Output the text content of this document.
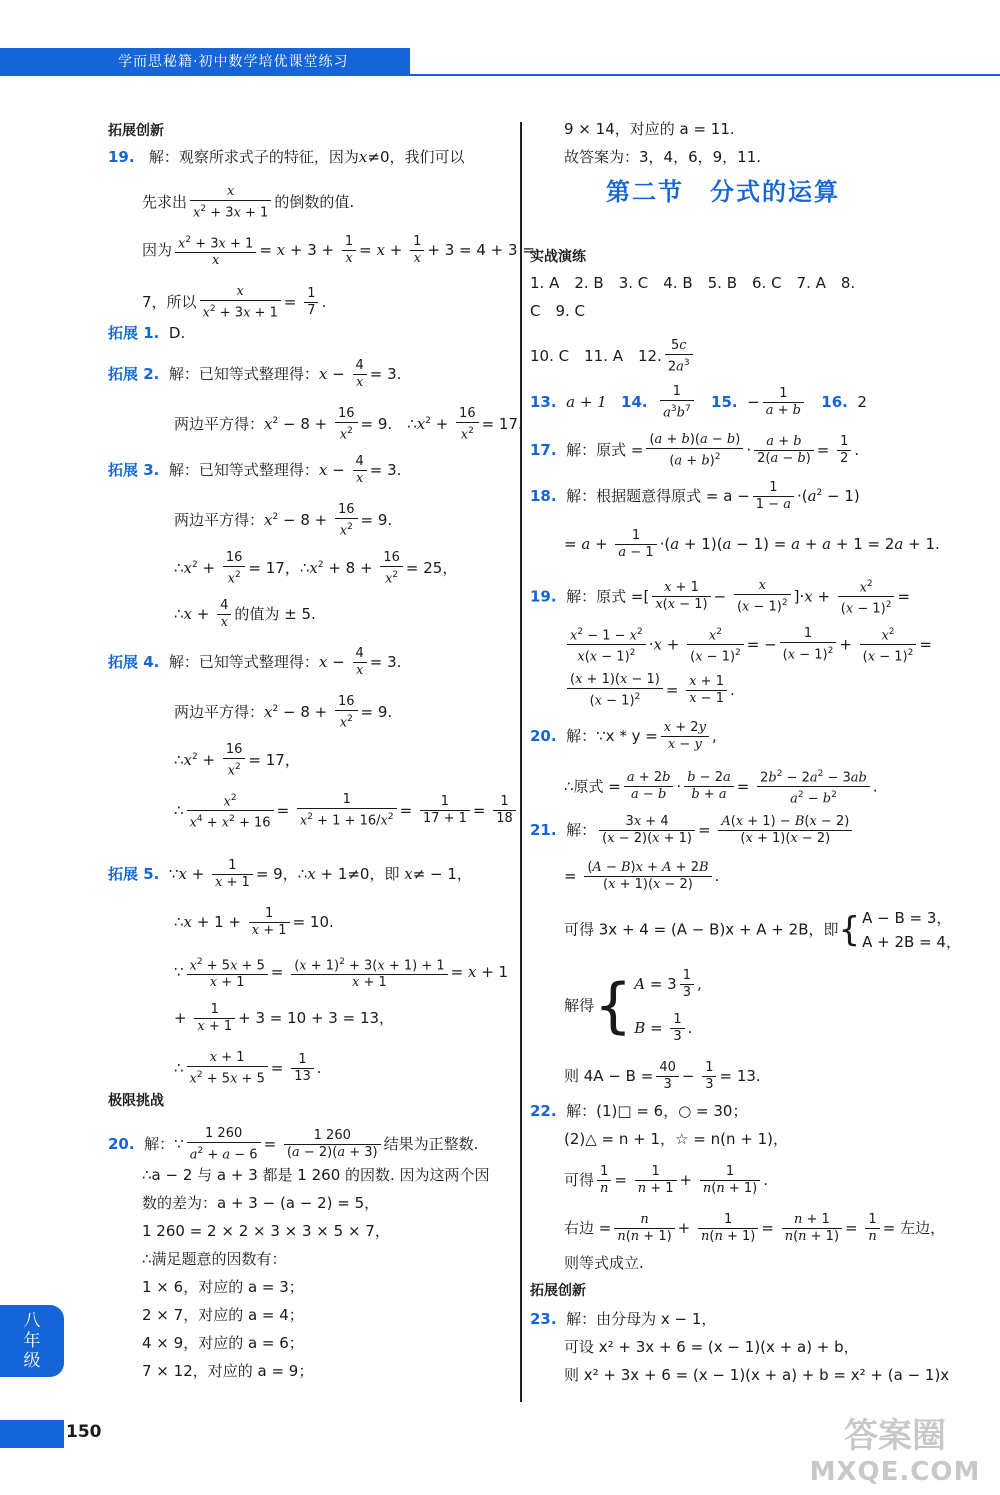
学而思秘籍·初中数学培优课堂练习
拓展创新
19. 解：观察所求式子的特征，因为x≠0，我们可以
先求出 $\frac{x}{x^2 + 3x + 1}$ 的倒数的值.
因为 $\frac{x^2 + 3x + 1}{x} = x + 3 + \frac{1}{x} = x + \frac{1}{x} + 3 = 4 + 3$ =
7，所以 $\frac{x}{x^2 + 3x + 1} = \frac{1}{7}$ .
拓展 1. D.
拓展 2. 解：已知等式整理得：$x - \frac{4}{x} = 3$.
两边平方得：$x^2 - 8 + \frac{16}{x^2} = 9$.　$\therefore x^2 + \frac{16}{x^2} = 17$.
拓展 3. 解：已知等式整理得：$x - \frac{4}{x} = 3$.
两边平方得：$x^2 - 8 + \frac{16}{x^2} = 9$.
$\therefore x^2 + \frac{16}{x^2} = 17$，$\therefore x^2 + 8 + \frac{16}{x^2} = 25$，
∴x + $\frac{4}{x}$ 的值为 ± 5.
拓展 4. 解：已知等式整理得：$x - \frac{4}{x} = 3$.
两边平方得：$x^2 - 8 + \frac{16}{x^2} = 9$.
$\therefore x^2 + \frac{16}{x^2} = 17$，
∴ $\frac{x^2}{x^4 + x^2 + 16} = \frac{1}{x^2 + 1 + 16/x^2} = \frac{1}{17 + 1} = \frac{1}{18}$ .
拓展 5.  ∵x + $\frac{1}{x + 1} = 9$，∴x + 1≠0，即 x≠ − 1，
∴x + $1 + \frac{1}{x + 1} = 10$.
∵ $\frac{x^2 + 5x + 5}{x + 1} = \frac{(x + 1)^2 + 3(x + 1) + 1}{x + 1} = x + 1$
+ $\frac{1}{x + 1} + 3 = 10 + 3 = 13$，
∴ $\frac{x + 1}{x^2 + 5x + 5} = \frac{1}{13}$ .
极限挑战
20. 解：∵ $\frac{1 260}{a^2 + a - 6} = \frac{1 260}{(a - 2)(a + 3)}$ 结果为正整数.
∴a − 2 与 a + 3 都是 1 260 的因数. 因为这两个因
数的差为：a + 3 − (a − 2) = 5，
1 260 = 2 × 2 × 3 × 3 × 5 × 7，
∴满足题意的因数有：
1 × 6，对应的 a = 3；
2 × 7，对应的 a = 4；
4 × 9，对应的 a = 6；
7 × 12，对应的 a = 9；
9 × 14，对应的 a = 11.
故答案为：3，4，6，9，11.
第二节　分式的运算
实战演练
1. A　2. B　3. C　4. B　5. B　6. C　7. A　8.
C　9. C
10. C　11. A　12. $\frac{5c}{2a^3}$
13. a + 1 14. $\frac{1}{a^3b^7} 15$.  − $\frac{1}{a + b} 16$. 2
17. 解：原式 = $\frac{(a + b)(a - b)}{(a + b)^2} \cdot \frac{a + b}{2(a - b)} = \frac{1}{2}$ .
18. 解：根据题意得原式 = $a - \frac{1}{1 - a} \cdot(a^2 - 1)$
= $a + \frac{1}{a - 1} \cdot(a + 1)(a - 1) = a + a + 1 = 2a + 1$.
19. 解：原式 =[ $\frac{x + 1}{x(x - 1)} - \frac{x}{(x - 1)^2} ]\cdot x + \frac{x^2}{(x - 1)^2}$ =
$\frac{x^2 - 1 - x^2}{x(x - 1)^2} \cdot x + \frac{x^2}{(x - 1)^2}$ = − $\frac{1}{(x - 1)^2} + \frac{x^2}{(x - 1)^2}$ =
$\frac{(x + 1)(x - 1)}{(x - 1)^2} = \frac{x + 1}{x - 1}$ .
20. 解：∵x * $y = \frac{x + 2y}{x - y}$ ,
∴原式 = $\frac{a + 2b}{a - b} \cdot \frac{b - 2a}{b + a} = \frac{2b^2 - 2a^2 - 3ab}{a^2 - b^2}$ .
21. 解： $\frac{3x + 4}{(x - 2)(x + 1)} = \frac{A(x + 1) - B(x - 2)}{(x + 1)(x - 2)}$
= $\frac{(A - B)x + A + 2B}{(x + 1)(x - 2)}$ .
可得 3x + 4 = (A − B)x + A + 2B，即{ A − B = 3，
A + 2B = 4，
解得{ $A = 3 \frac{1}{3}$ ,
$B = \frac{1}{3}$ .
则 $4A - B = \frac{40}{3} - \frac{1}{3} = 13$.
22. 解：(1)□ = 6，○ = 30；
(2)△ = n + 1，☆ = n(n + 1)，
可得 $\frac{1}{n} = \frac{1}{n + 1} + \frac{1}{n(n + 1)}$ .
右边 = $\frac{n}{n(n + 1)} + \frac{1}{n(n + 1)} = \frac{n + 1}{n(n + 1)} = \frac{1}{n}$ = 左边，
则等式成立.
拓展创新
23. 解：由分母为 x − 1，
可设 x² + 3x + 6 = (x − 1)(x + a) + b，
则 x² + 3x + 6 = (x − 1)(x + a) + b = x² + (a − 1)x
八
年
级
150	答案圈
MXQE.COM
